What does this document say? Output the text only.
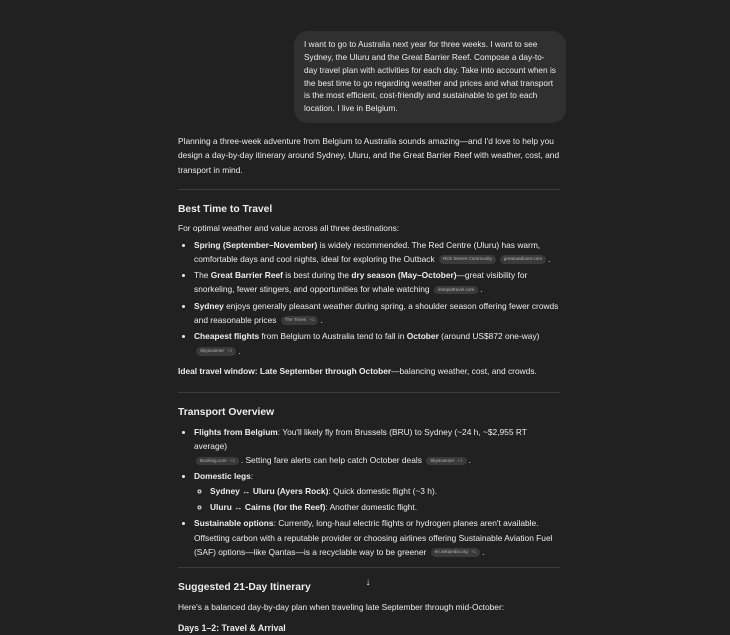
I want to go to Australia next year for three weeks. I want to see Sydney, the Uluru and the Great Barrier Reef. Compose a day-to-day travel plan with activities for each day. Take into account when is the best time to go regarding weather and prices and what transport is the most efficient, cost-friendly and sustainable to get to each location. I live in Belgium.

Planning a three-week adventure from Belgium to Australia sounds amazing—and I'd love to help you design a day-by-day itinerary around Sydney, Uluru, and the Great Barrier Reef with weather, cost, and transport in mind.

Best Time to Travel

For optimal weather and value across all three destinations:

• Spring (September–November) is widely recommended. The Red Centre (Uluru) has warm, comfortable days and cool nights, ideal for exploring the Outback Rick Steves Community	greatoutdoors.com .
• The Great Barrier Reef is best during the dry season (May–October)—great visibility for snorkeling, fewer stingers, and opportunities for whale watching intrepidtravel.com .
• Sydney enjoys generally pleasant weather during spring, a shoulder season offering fewer crowds and reasonable prices The Times +1 .
• Cheapest flights from Belgium to Australia tend to fall in October (around US$872 one-way)
Skyscanner +1 .

Ideal travel window: Late September through October—balancing weather, cost, and crowds.

Transport Overview
• Flights from Belgium: You'll likely fly from Brussels (BRU) to Sydney (~24 h, ~$2,955 RT average)
Booking.com +1 . Setting fare alerts can help catch October deals Skyscanner +1 .
• Domestic legs:
◦ Sydney ↔ Uluru (Ayers Rock): Quick domestic flight (~3 h).
◦ Uluru ↔ Cairns (for the Reef): Another domestic flight.
• Sustainable options: Currently, long-haul electric flights or hydrogen planes aren't available. Offsetting carbon with a reputable provider or choosing airlines offering Sustainable Aviation Fuel (SAF) options—like Qantas—is a recyclable way to be greener en.wikipedia.org +1 .
Suggested 21-Day Itinerary

Here's a balanced day-by-day plan when traveling late September through mid-October:

Days 1–2: Travel & Arrival
↓
